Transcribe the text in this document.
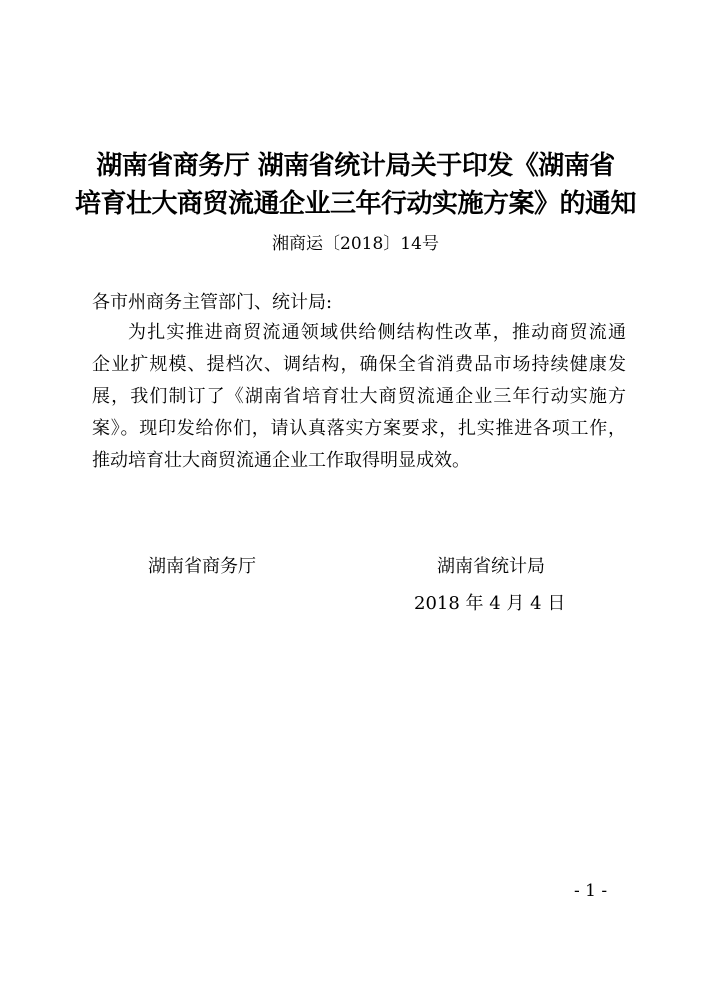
湖南省商务厅 湖南省统计局关于印发《湖南省
培育壮大商贸流通企业三年行动实施方案》的通知
湘商运〔2018〕14号
各市州商务主管部门、统计局:
为扎实推进商贸流通领域供给侧结构性改革，推动商贸流通
企业扩规模、提档次、调结构，确保全省消费品市场持续健康发
展，我们制订了《湖南省培育壮大商贸流通企业三年行动实施方
案》。现印发给你们，请认真落实方案要求，扎实推进各项工作，
推动培育壮大商贸流通企业工作取得明显成效。
湖南省商务厅	湖南省统计局
2018 年 4 月 4 日
- 1 -
